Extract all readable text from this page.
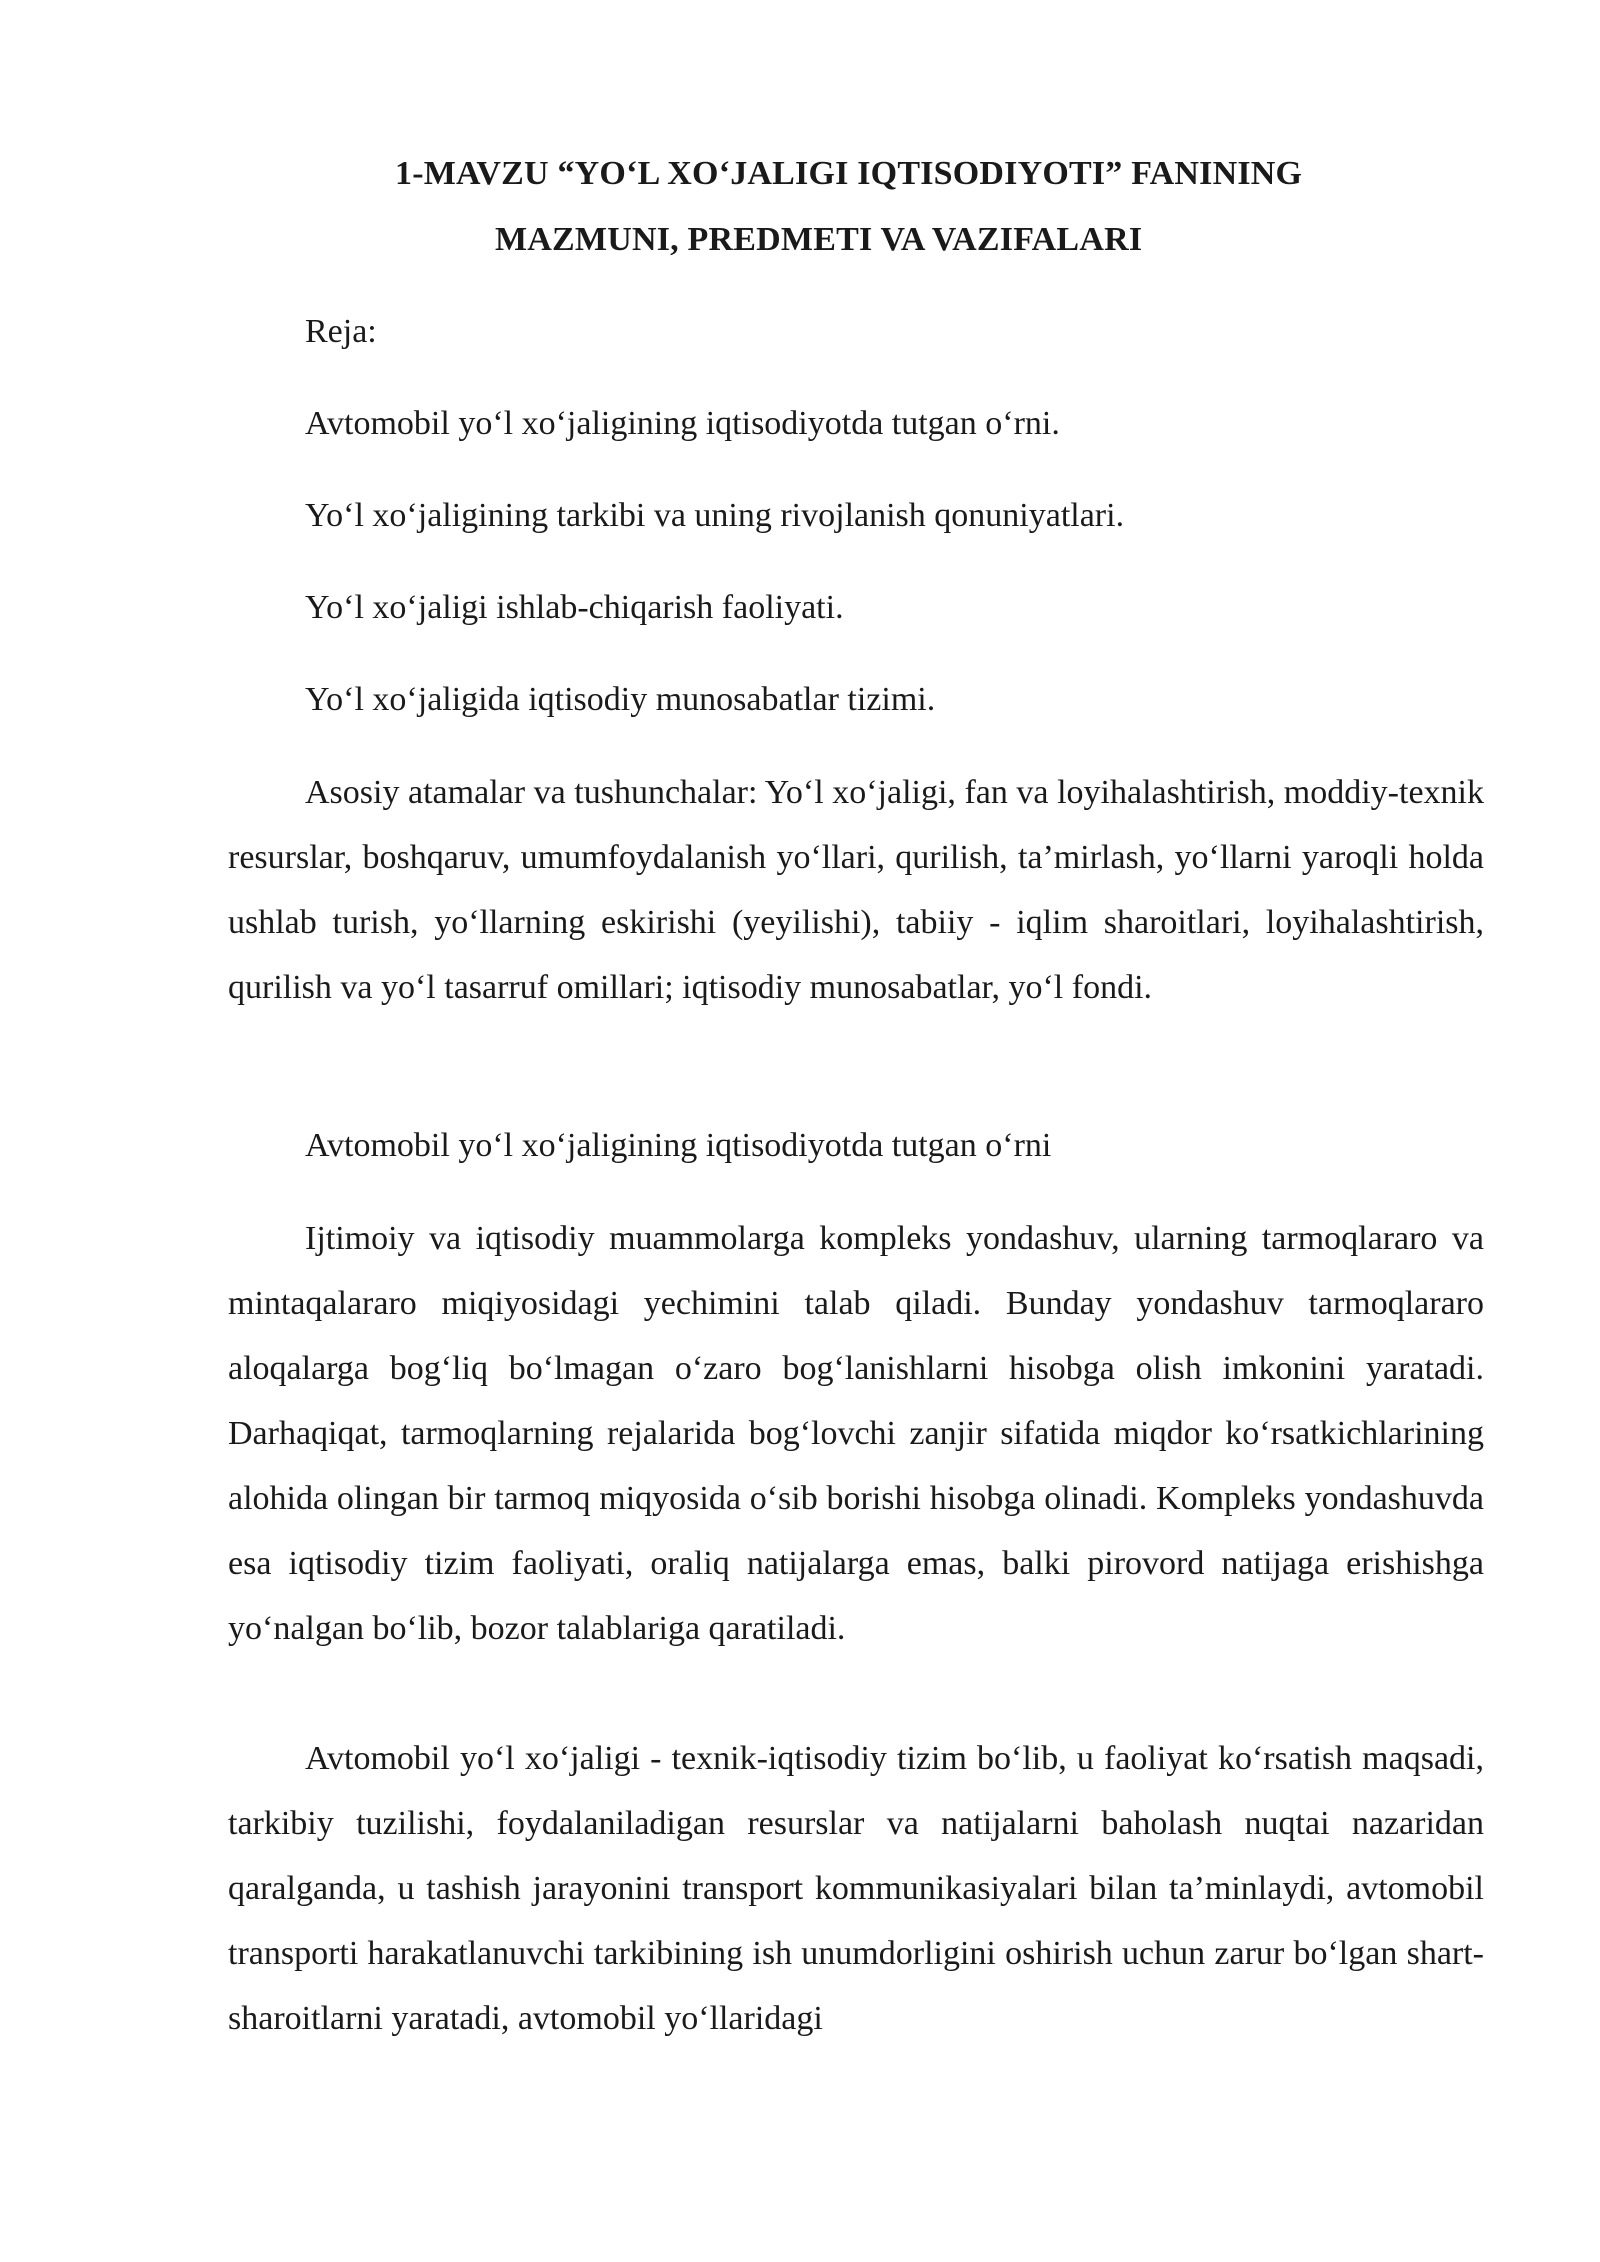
1-MAVZU “YO‘L XO‘JALIGI IQTISODIYOTI” FANINING
MAZMUNI, PREDMETI VA VAZIFALARI
Reja:
Avtomobil yo‘l xo‘jaligining iqtisodiyotda tutgan o‘rni.
Yo‘l xo‘jaligining tarkibi va uning rivojlanish qonuniyatlari.
Yo‘l xo‘jaligi ishlab-chiqarish faoliyati.
Yo‘l xo‘jaligida iqtisodiy munosabatlar tizimi.

Asosiy atamalar va tushunchalar: Yo‘l xo‘jaligi, fan va loyihalashtirish, moddiy-texnik resurslar, boshqaruv, umumfoydalanish yo‘llari, qurilish, ta’mirlash, yo‘llarni yaroqli holda ushlab turish, yo‘llarning eskirishi (yeyilishi), tabiiy - iqlim sharoitlari, loyihalashtirish, qurilish va yo‘l tasarruf omillari; iqtisodiy munosabatlar, yo‘l fondi.

Avtomobil yo‘l xo‘jaligining iqtisodiyotda tutgan o‘rni

Ijtimoiy va iqtisodiy muammolarga kompleks yondashuv, ularning tarmoqlararo va mintaqalararo miqiyosidagi yechimini talab qiladi. Bunday yondashuv tarmoqlararo aloqalarga bog‘liq bo‘lmagan o‘zaro bog‘lanishlarni hisobga olish imkonini yaratadi. Darhaqiqat, tarmoqlarning rejalarida bog‘lovchi zanjir sifatida miqdor ko‘rsatkichlarining alohida olingan bir tarmoq miqyosida o‘sib borishi hisobga olinadi. Kompleks yondashuvda esa iqtisodiy tizim faoliyati, oraliq natijalarga emas, balki pirovord natijaga erishishga yo‘nalgan bo‘lib, bozor talablariga qaratiladi.

Avtomobil yo‘l xo‘jaligi - texnik-iqtisodiy tizim bo‘lib, u faoliyat ko‘rsatish maqsadi, tarkibiy tuzilishi, foydalaniladigan resurslar va natijalarni baholash nuqtai nazaridan qaralganda, u tashish jarayonini transport kommunikasiyalari bilan ta’minlaydi, avtomobil transporti harakatlanuvchi tarkibining ish unumdorligini oshirish uchun zarur bo‘lgan shart-sharoitlarni yaratadi, avtomobil yo‘llaridagi
